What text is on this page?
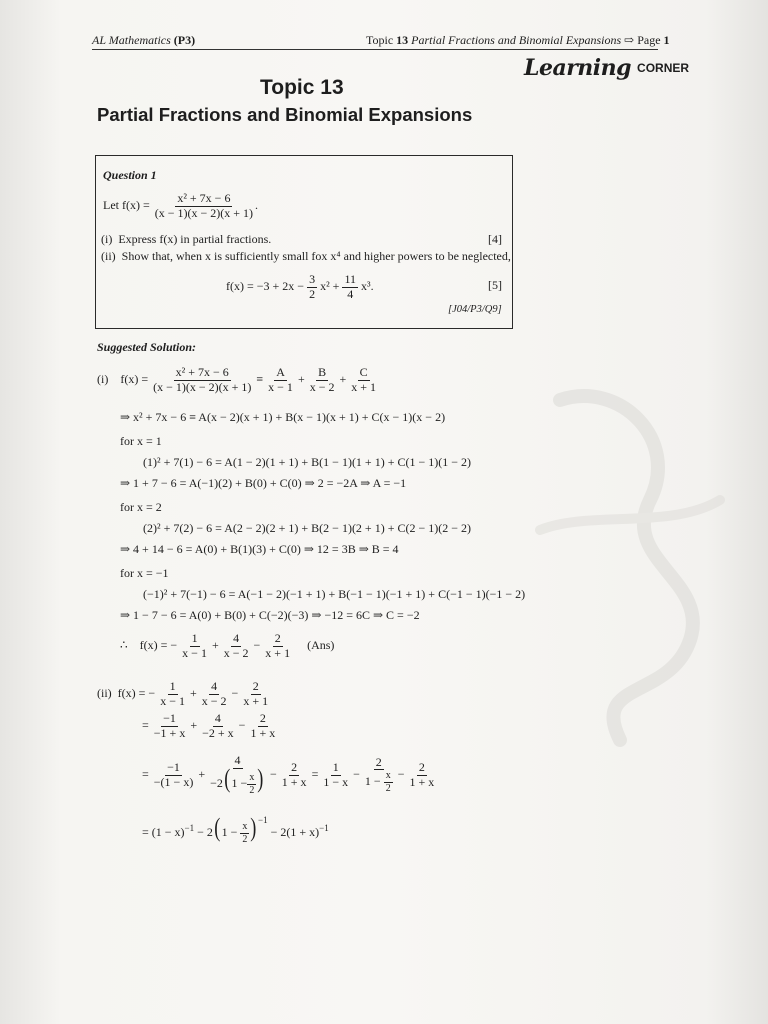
AL Mathematics (P3)	Topic 13 Partial Fractions and Binomial Expansions ⇨ Page 1
Learning CORNER
Topic 13
Partial Fractions and Binomial Expansions
Question 1
Let $f(x) = \frac{\text{x² + 7x − 6}}{(x - 1)(x - 2)(x + 1)}$ .
(i) Express f(x) in partial fractions.	[4]
(ii) Show that, when x is sufficiently small fox x⁴ and higher powers to be neglected,
$f(x) = -3 + 2x - \frac{3}{2} x^2 + \frac{11}{4} x^3$.	[5]
[J04/P3/Q9]
Suggested Solution:
(i) $f(x) = \frac{\text{x² + 7x − 6}}{(x - 1)(x - 2)(x + 1)} \equiv \frac{A}{x - 1} + \frac{B}{x - 2} + \frac{C}{x + 1}$
⇒ x² + 7x − 6 ≡ A(x − 2)(x + 1) + B(x − 1)(x + 1) + C(x − 1)(x − 2)
for x = 1
(1)² + 7(1) − 6 = A(1 − 2)(1 + 1) + B(1 − 1)(1 + 1) + C(1 − 1)(1 − 2)
⇒ 1 + 7 − 6 = A(−1)(2) + B(0) + C(0) ⇒ 2 = −2A ⇒ A = −1
for x = 2
(2)² + 7(2) − 6 = A(2 − 2)(2 + 1) + B(2 − 1)(2 + 1) + C(2 − 1)(2 − 2)
⇒ 4 + 14 − 6 = A(0) + B(1)(3) + C(0) ⇒ 12 = 3B ⇒ B = 4
for x = −1
(−1)² + 7(−1) − 6 = A(−1 − 2)(−1 + 1) + B(−1 − 1)(−1 + 1) + C(−1 − 1)(−1 − 2)
⇒ 1 − 7 − 6 = A(0) + B(0) + C(−2)(−3) ⇒ −12 = 6C ⇒ C = −2
∴ f(x) = − $\frac{1}{x - 1} + \frac{4}{x - 2} - \frac{2}{x + 1} (Ans)$
(ii) f(x) = − $\frac{1}{x - 1} + \frac{4}{x - 2} - \frac{2}{x + 1}$
= $\frac{-1}{-1 + x} + \frac{4}{-2 + x} - \frac{2}{1 + x}$
= $\frac{-1}{-(1 - x)} + \frac{4}{-2(1 - \frac{x}{2} )} - \frac{2}{1 + x} = \frac{1}{1 - x} - \frac{2}{1 - \frac{x}{2}} - \frac{2}{1 + x}$
= $(1 - x)^{-1} - 2(1 - \frac{x}{2} )^{-1} - 2(1 + x)^{-1}$
